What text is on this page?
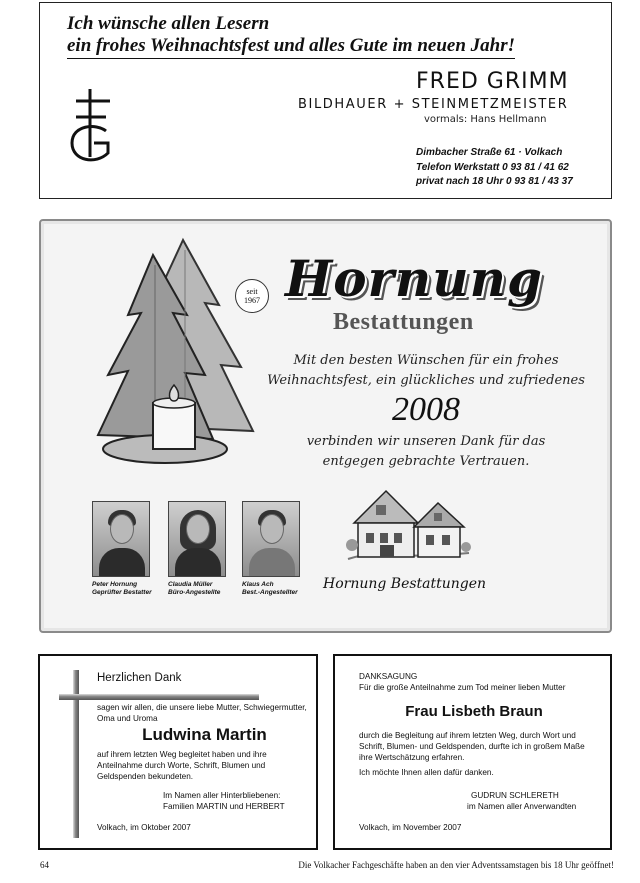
Ich wünsche allen Lesern
ein frohes Weihnachtsfest und alles Gute im neuen Jahr!
FRED GRIMM
BILDHAUER + STEINMETZMEISTER
vormals: Hans Hellmann
Dimbacher Straße 61 · Volkach
Telefon Werkstatt 0 93 81 / 41 62
privat nach 18 Uhr 0 93 81 / 43 37
seit
1967 Hornung
Bestattungen
Mit den besten Wünschen für ein frohes
Weihnachtsfest, ein glückliches und zufriedenes
2008
verbinden wir unseren Dank für das
entgegen gebrachte Vertrauen.
Peter Hornung
Geprüfter Bestatter
Claudia Müller
Büro-Angestellte
Klaus Ach
Best.-Angestellter	Hornung Bestattungen
Herzlichen Dank
sagen wir allen, die unsere liebe Mutter, Schwiegermutter, Oma und Uroma
Ludwina Martin
auf ihrem letzten Weg begleitet haben und ihre Anteilnahme durch Worte, Schrift, Blumen und Geldspenden bekundeten.
Im Namen aller Hinterbliebenen:
Familien MARTIN und HERBERT
Volkach, im Oktober 2007
DANKSAGUNG
Für die große Anteilnahme zum Tod meiner lieben Mutter
Frau Lisbeth Braun

durch die Begleitung auf ihrem letzten Weg, durch Wort und Schrift, Blumen- und Geldspenden, durfte ich in großem Maße ihre Wertschätzung erfahren.

Ich möchte Ihnen allen dafür danken.

GUDRUN SCHLERETH
im Namen aller Anverwandten
Volkach, im November 2007
64	Die Volkacher Fachgeschäfte haben an den vier Adventssamstagen bis 18 Uhr geöffnet!
